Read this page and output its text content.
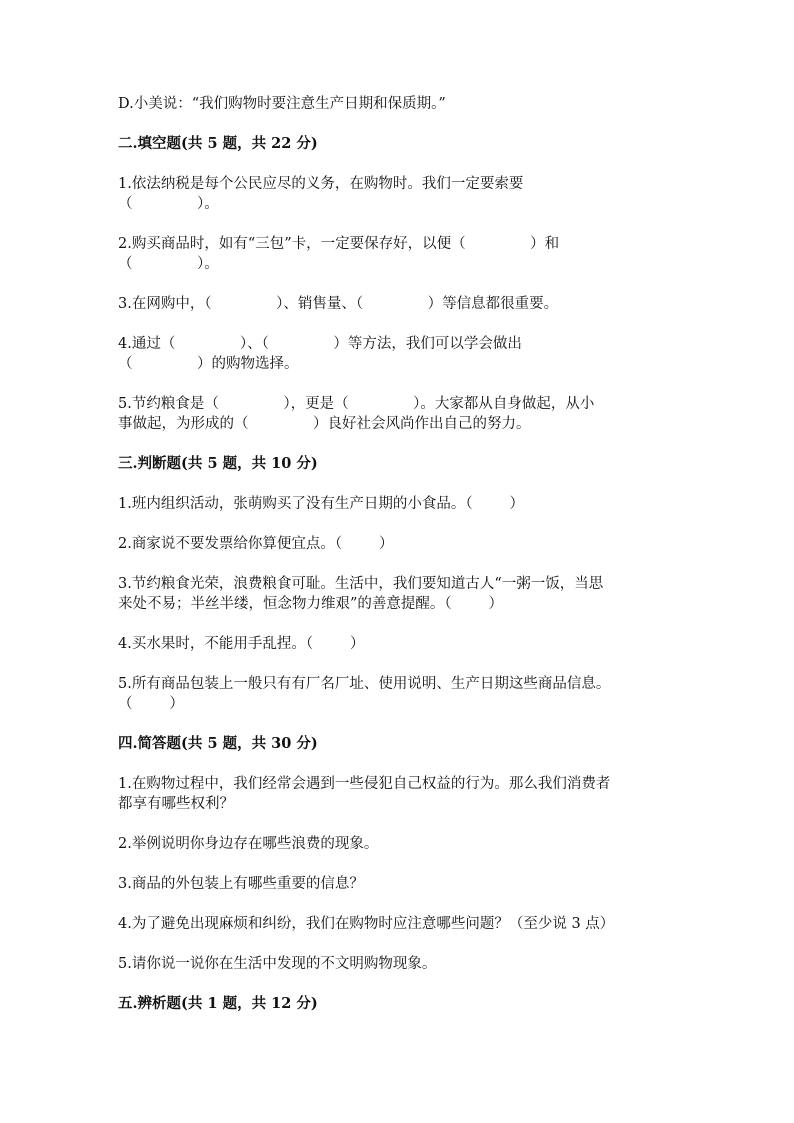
D.小美说：“我们购物时要注意生产日期和保质期。”
二.填空题(共 5 题，共 22 分)
1.依法纳税是每个公民应尽的义务，在购物时。我们一定要索要
（              ）。
2.购买商品时，如有“三包”卡，一定要保存好，以便（              ）和
（              ）。
3.在网购中，（              ）、销售量、（              ）等信息都很重要。
4.通过（              ）、（              ）等方法，我们可以学会做出
（              ）的购物选择。
5.节约粮食是（              ），更是（              ）。大家都从自身做起，从小
事做起，为形成的（              ）良好社会风尚作出自己的努力。
三.判断题(共 5 题，共 10 分)
1.班内组织活动，张萌购买了没有生产日期的小食品。（        ）
2.商家说不要发票给你算便宜点。（        ）
3.节约粮食光荣，浪费粮食可耻。生活中，我们要知道古人“一粥一饭，当思
来处不易；半丝半缕，恒念物力维艰”的善意提醒。（        ）
4.买水果时，不能用手乱捏。（        ）
5.所有商品包装上一般只有有厂名厂址、使用说明、生产日期这些商品信息。
（        ）
四.简答题(共 5 题，共 30 分)
1.在购物过程中，我们经常会遇到一些侵犯自己权益的行为。那么我们消费者
都享有哪些权利？
2.举例说明你身边存在哪些浪费的现象。
3.商品的外包装上有哪些重要的信息？
4.为了避免出现麻烦和纠纷，我们在购物时应注意哪些问题？（至少说 3 点）
5.请你说一说你在生活中发现的不文明购物现象。
五.辨析题(共 1 题，共 12 分)
